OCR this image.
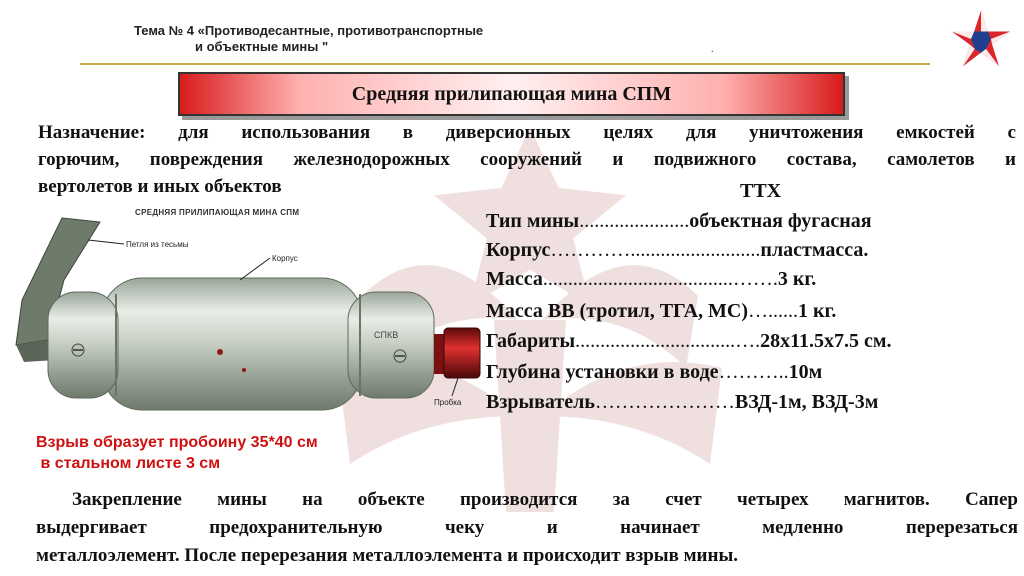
Тема № 4 «Противодесантные, противотранспортные
и объектные мины "	.
Средняя прилипающая мина СПМ
Назначение: для использования в диверсионных целях для уничтожения емкостей с
горючим, повреждения железнодорожных сооружений и подвижного состава, самолетов и
вертолетов и иных объектов
СРЕДНЯЯ ПРИЛИПАЮЩАЯ МИНА СПМ
СПКВ
Петля из тесьмы
Корпус
Пробка
ТТХ
Тип мины......................объектная фугасная
Корпус…………..........................пластмасса.
Масса......................................…….3 кг.
Масса ВВ (тротил, ТГА, МС)…......1 кг.
Габариты................................….28х11.5х7.5 см.
Глубина установки в воде………..10м
Взрыватель…………………ВЗД-1м, ВЗД-3м
Взрыв образует пробоину 35*40 см
в стальном листе 3 см
Закрепление мины на объекте производится за счет четырех магнитов. Сапер
выдергивает предохранительную чеку и начинает медленно перерезаться
металлоэлемент. После перерезания металлоэлемента и происходит взрыв мины.
